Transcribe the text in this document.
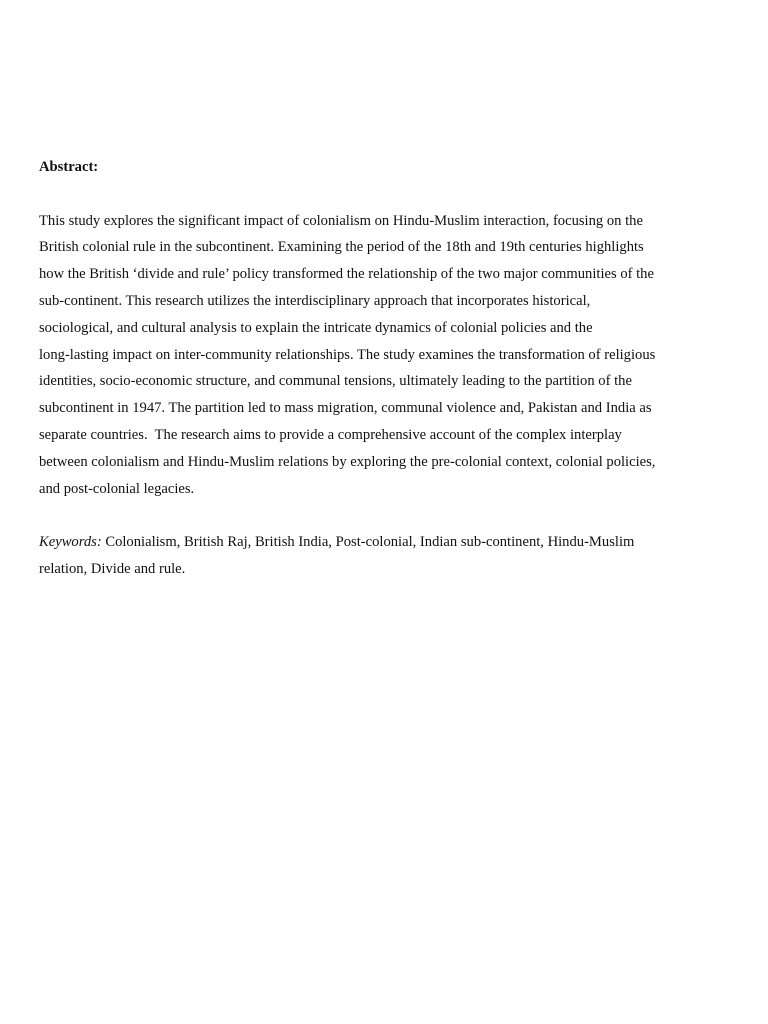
Abstract:

This study explores the significant impact of colonialism on Hindu-Muslim interaction, focusing on the
British colonial rule in the subcontinent. Examining the period of the 18th and 19th centuries highlights
how the British ‘divide and rule’ policy transformed the relationship of the two major communities of the
sub-continent. This research utilizes the interdisciplinary approach that incorporates historical,
sociological, and cultural analysis to explain the intricate dynamics of colonial policies and the
long-lasting impact on inter-community relationships. The study examines the transformation of religious
identities, socio-economic structure, and communal tensions, ultimately leading to the partition of the
subcontinent in 1947. The partition led to mass migration, communal violence and, Pakistan and India as
separate countries.  The research aims to provide a comprehensive account of the complex interplay
between colonialism and Hindu-Muslim relations by exploring the pre-colonial context, colonial policies,
and post-colonial legacies.
Keywords: Colonialism, British Raj, British India, Post-colonial, Indian sub-continent, Hindu-Muslim
relation, Divide and rule.
